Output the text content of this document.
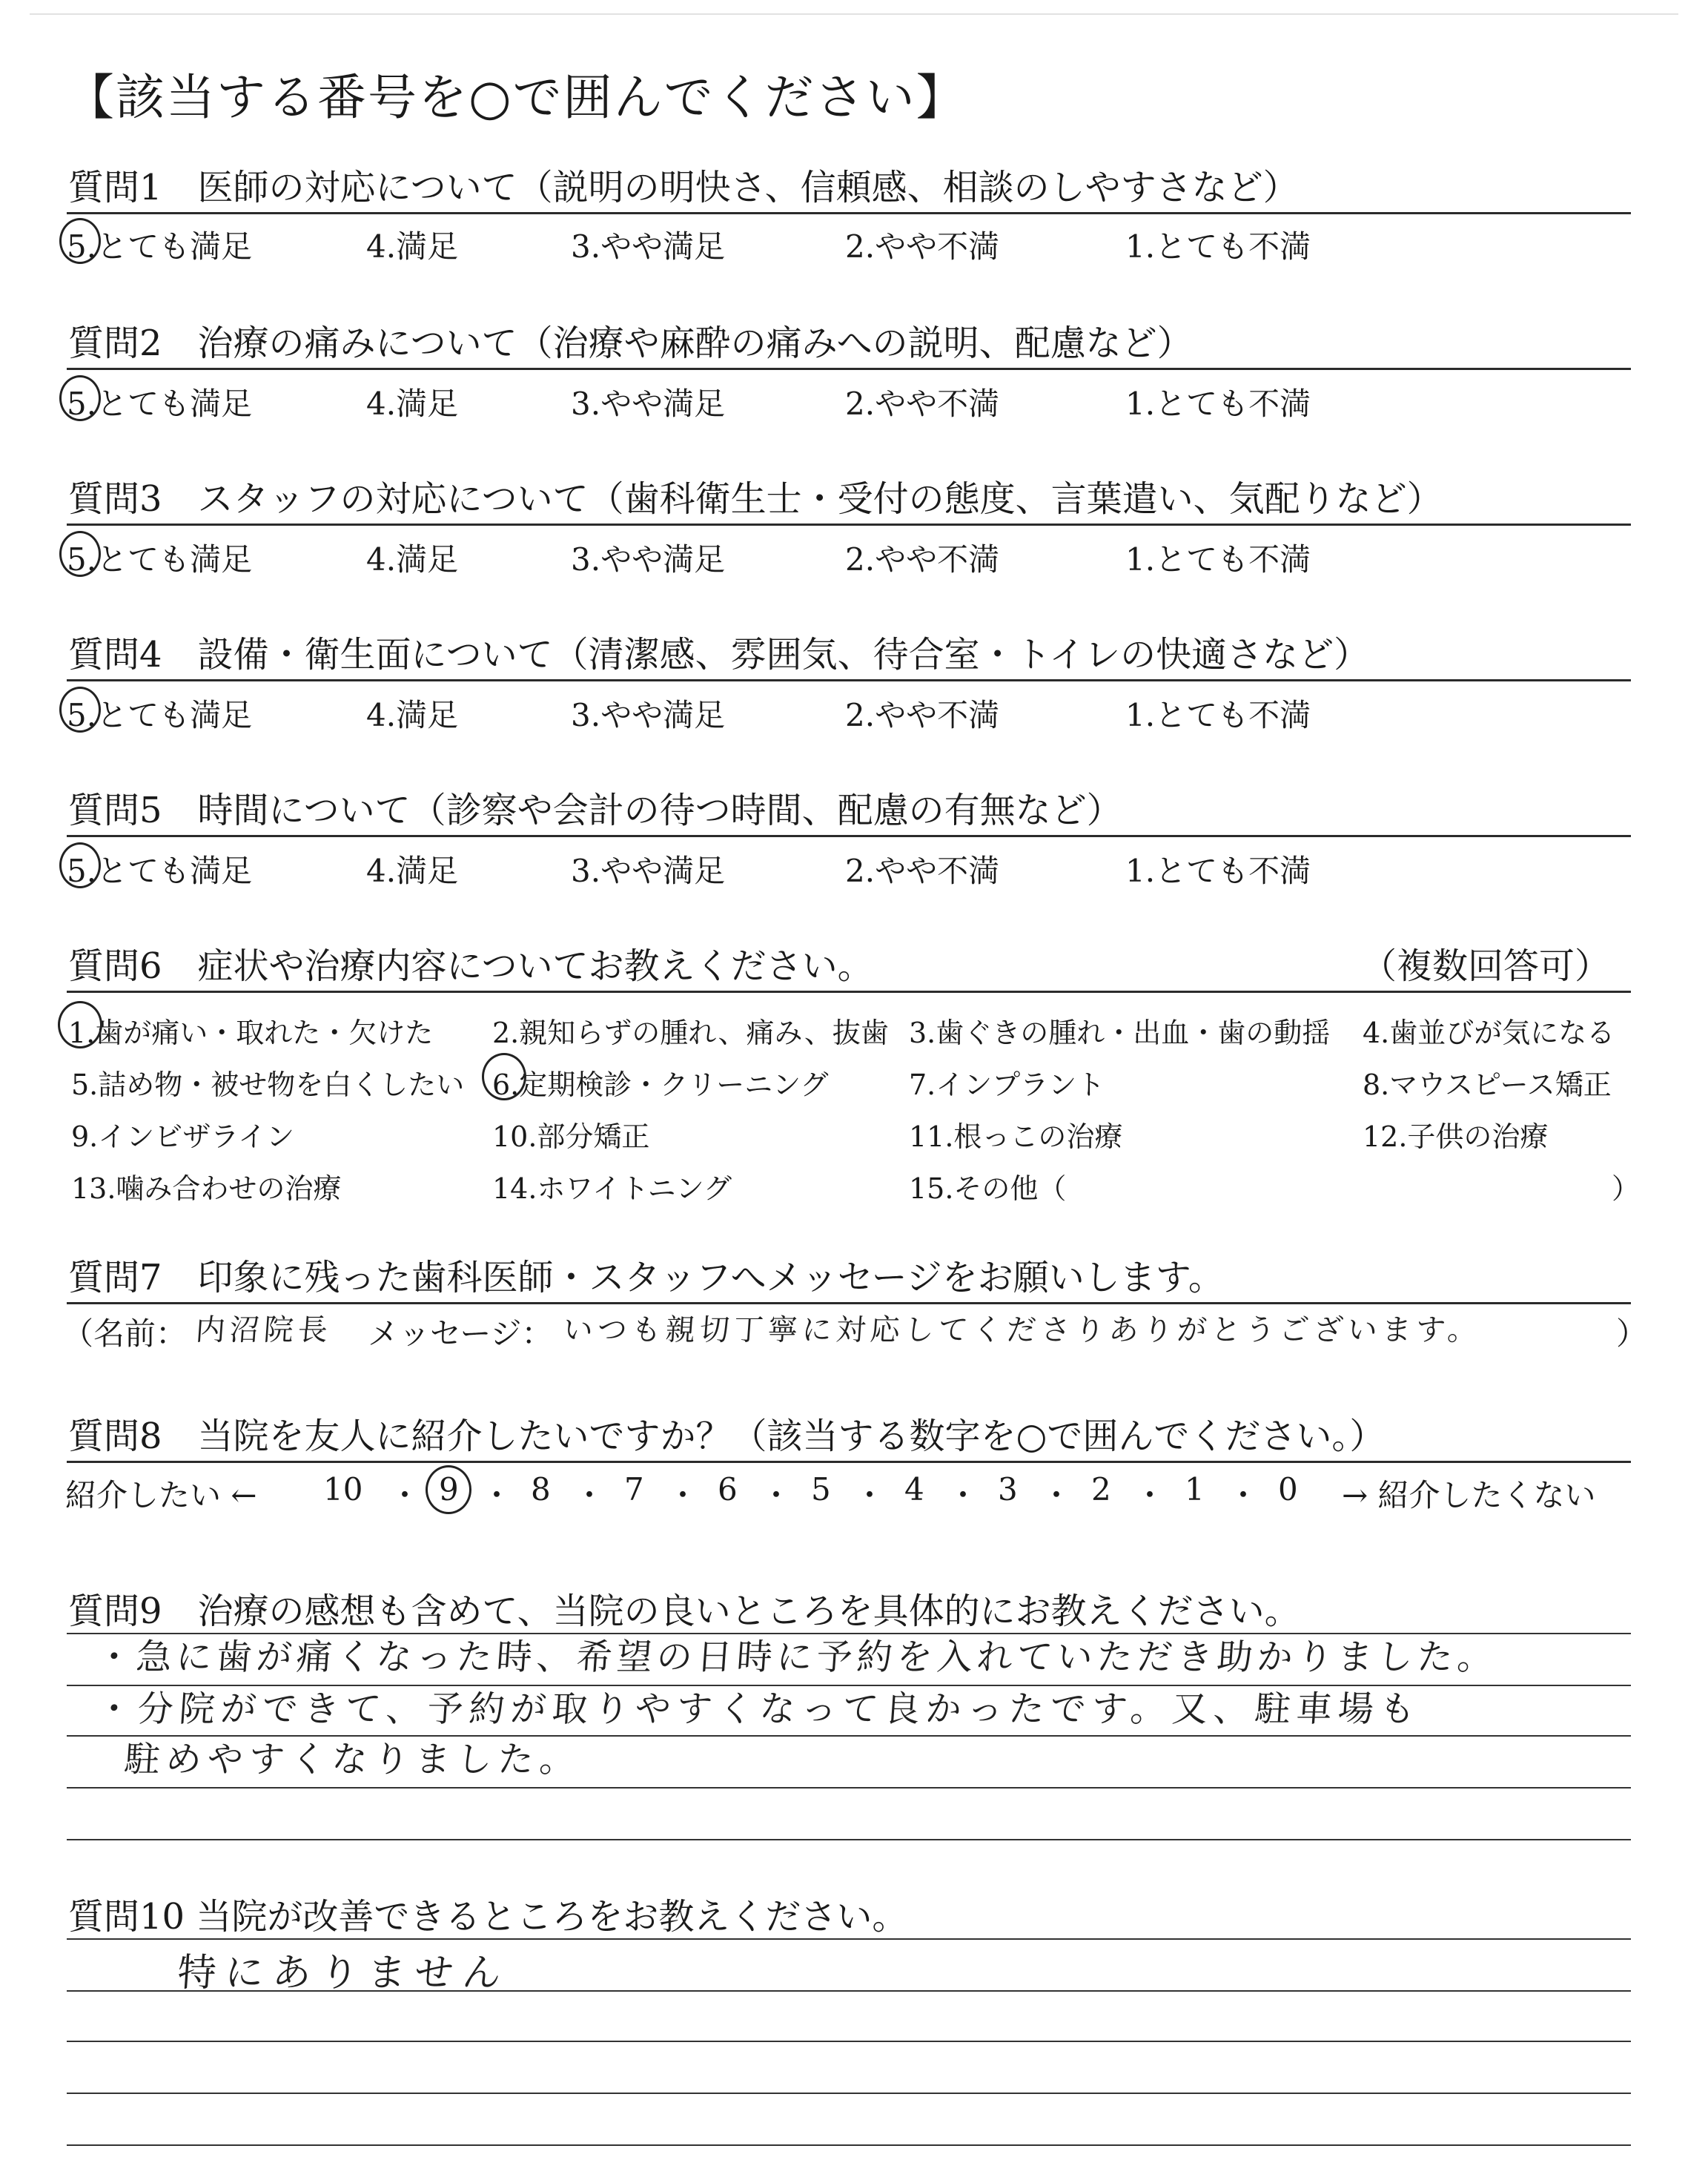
【該当する番号を○で囲んでください】
質問1　医師の対応について（説明の明快さ、信頼感、相談のしやすさなど）
5.とても満足	4.満足	3.やや満足	2.やや不満	1.とても不満
質問2　治療の痛みについて（治療や麻酔の痛みへの説明、配慮など）
5.とても満足	4.満足	3.やや満足	2.やや不満	1.とても不満
質問3　スタッフの対応について（歯科衛生士・受付の態度、言葉遣い、気配りなど）
5.とても満足	4.満足	3.やや満足	2.やや不満	1.とても不満
質問4　設備・衛生面について（清潔感、雰囲気、待合室・トイレの快適さなど）
5.とても満足	4.満足	3.やや満足	2.やや不満	1.とても不満
質問5　時間について（診察や会計の待つ時間、配慮の有無など）
5.とても満足	4.満足	3.やや満足	2.やや不満	1.とても不満
質問6　症状や治療内容についてお教えください。	（複数回答可）
1.歯が痛い・取れた・欠けた 2.親知らずの腫れ、痛み、抜歯 3.歯ぐきの腫れ・出血・歯の動揺 4.歯並びが気になる
5.詰め物・被せ物を白くしたい 6.定期検診・クリーニング	7.インプラント	8.マウスピース矯正
9.インビザライン	10.部分矯正	11.根っこの治療	12.子供の治療
13.噛み合わせの治療	14.ホワイトニング	15.その他（	）
質問7　印象に残った歯科医師・スタッフへメッセージをお願いします。
（名前： 内沼院長 メッセージ： いつも親切丁寧に対応してくださりありがとうございます。	）
質問8　当院を友人に紹介したいですか？（該当する数字を○で囲んでください。）
紹介したい ←	→ 紹介したくない
10 ・ 9 ・ 8 ・ 7 ・ 6 ・ 5 ・ 4 ・ 3 ・ 2 ・ 1 ・ 0
質問9　治療の感想も含めて、当院の良いところを具体的にお教えください。
・急に歯が痛くなった時、希望の日時に予約を入れていただき助かりました。
・分院ができて、予約が取りやすくなって良かったです。又、駐車場も
駐めやすくなりました。
質問10 当院が改善できるところをお教えください。
特にありません
